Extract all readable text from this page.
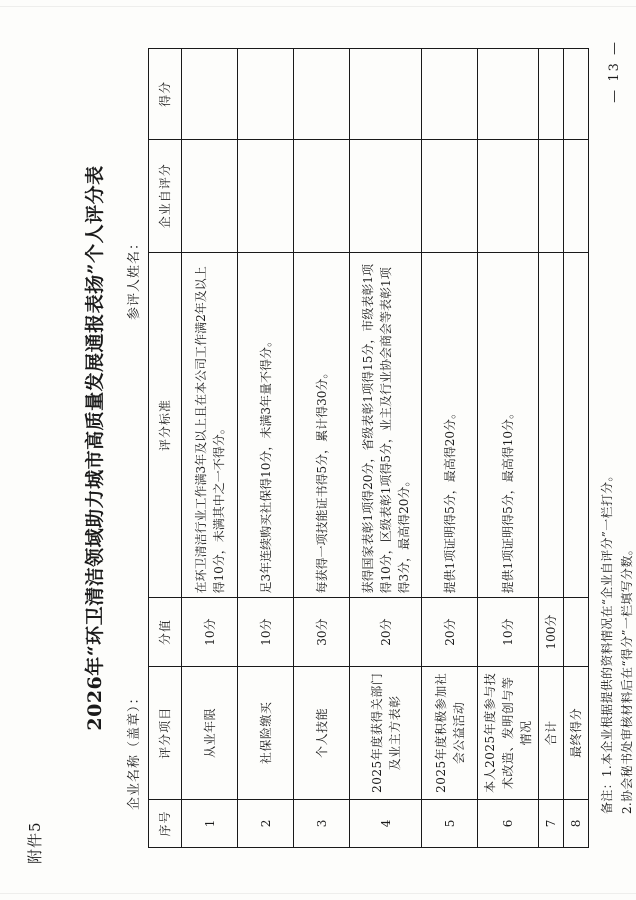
附件5
2026年“环卫清洁领域助力城市高质量发展通报表扬”个人评分表
企业名称（盖章）：
参评人姓名：
序号	评分项目	分值	评分标准	企业自评分	得分
1	从业年限	10分	在环卫清洁行业工作满3年及以上且在本公司工作满2年及以上得10分，未满其中之一不得分。		
2	社保险缴买	10分	足3年连续购买社保得10分，未满3年量不得分。		
3	个人技能	30分	每获得一项技能证书得5分，累计得30分。		
4	2025年度获得关部门及业主方表彰	20分	获得国家表彰1项得20分，省级表彰1项得15分，市级表彰1项得10分，区级表彰1项得5分，业主及行业协会商会等表彰1项得3分，最高得20分。		
5	2025年度积极参加社会公益活动	20分	提供1项证明得5分，最高得20分。		
6	本人2025年度参与技术改造、发明创与等情况	10分	提供1项证明得5分，最高得10分。		
7	合计	100分			
8	最终得分				备注：1.本企业根据提供的资料情况在“企业自评分”一栏打分。 2.协会秘书处审核材料后在“得分”一栏填写分数。
— 13 —
